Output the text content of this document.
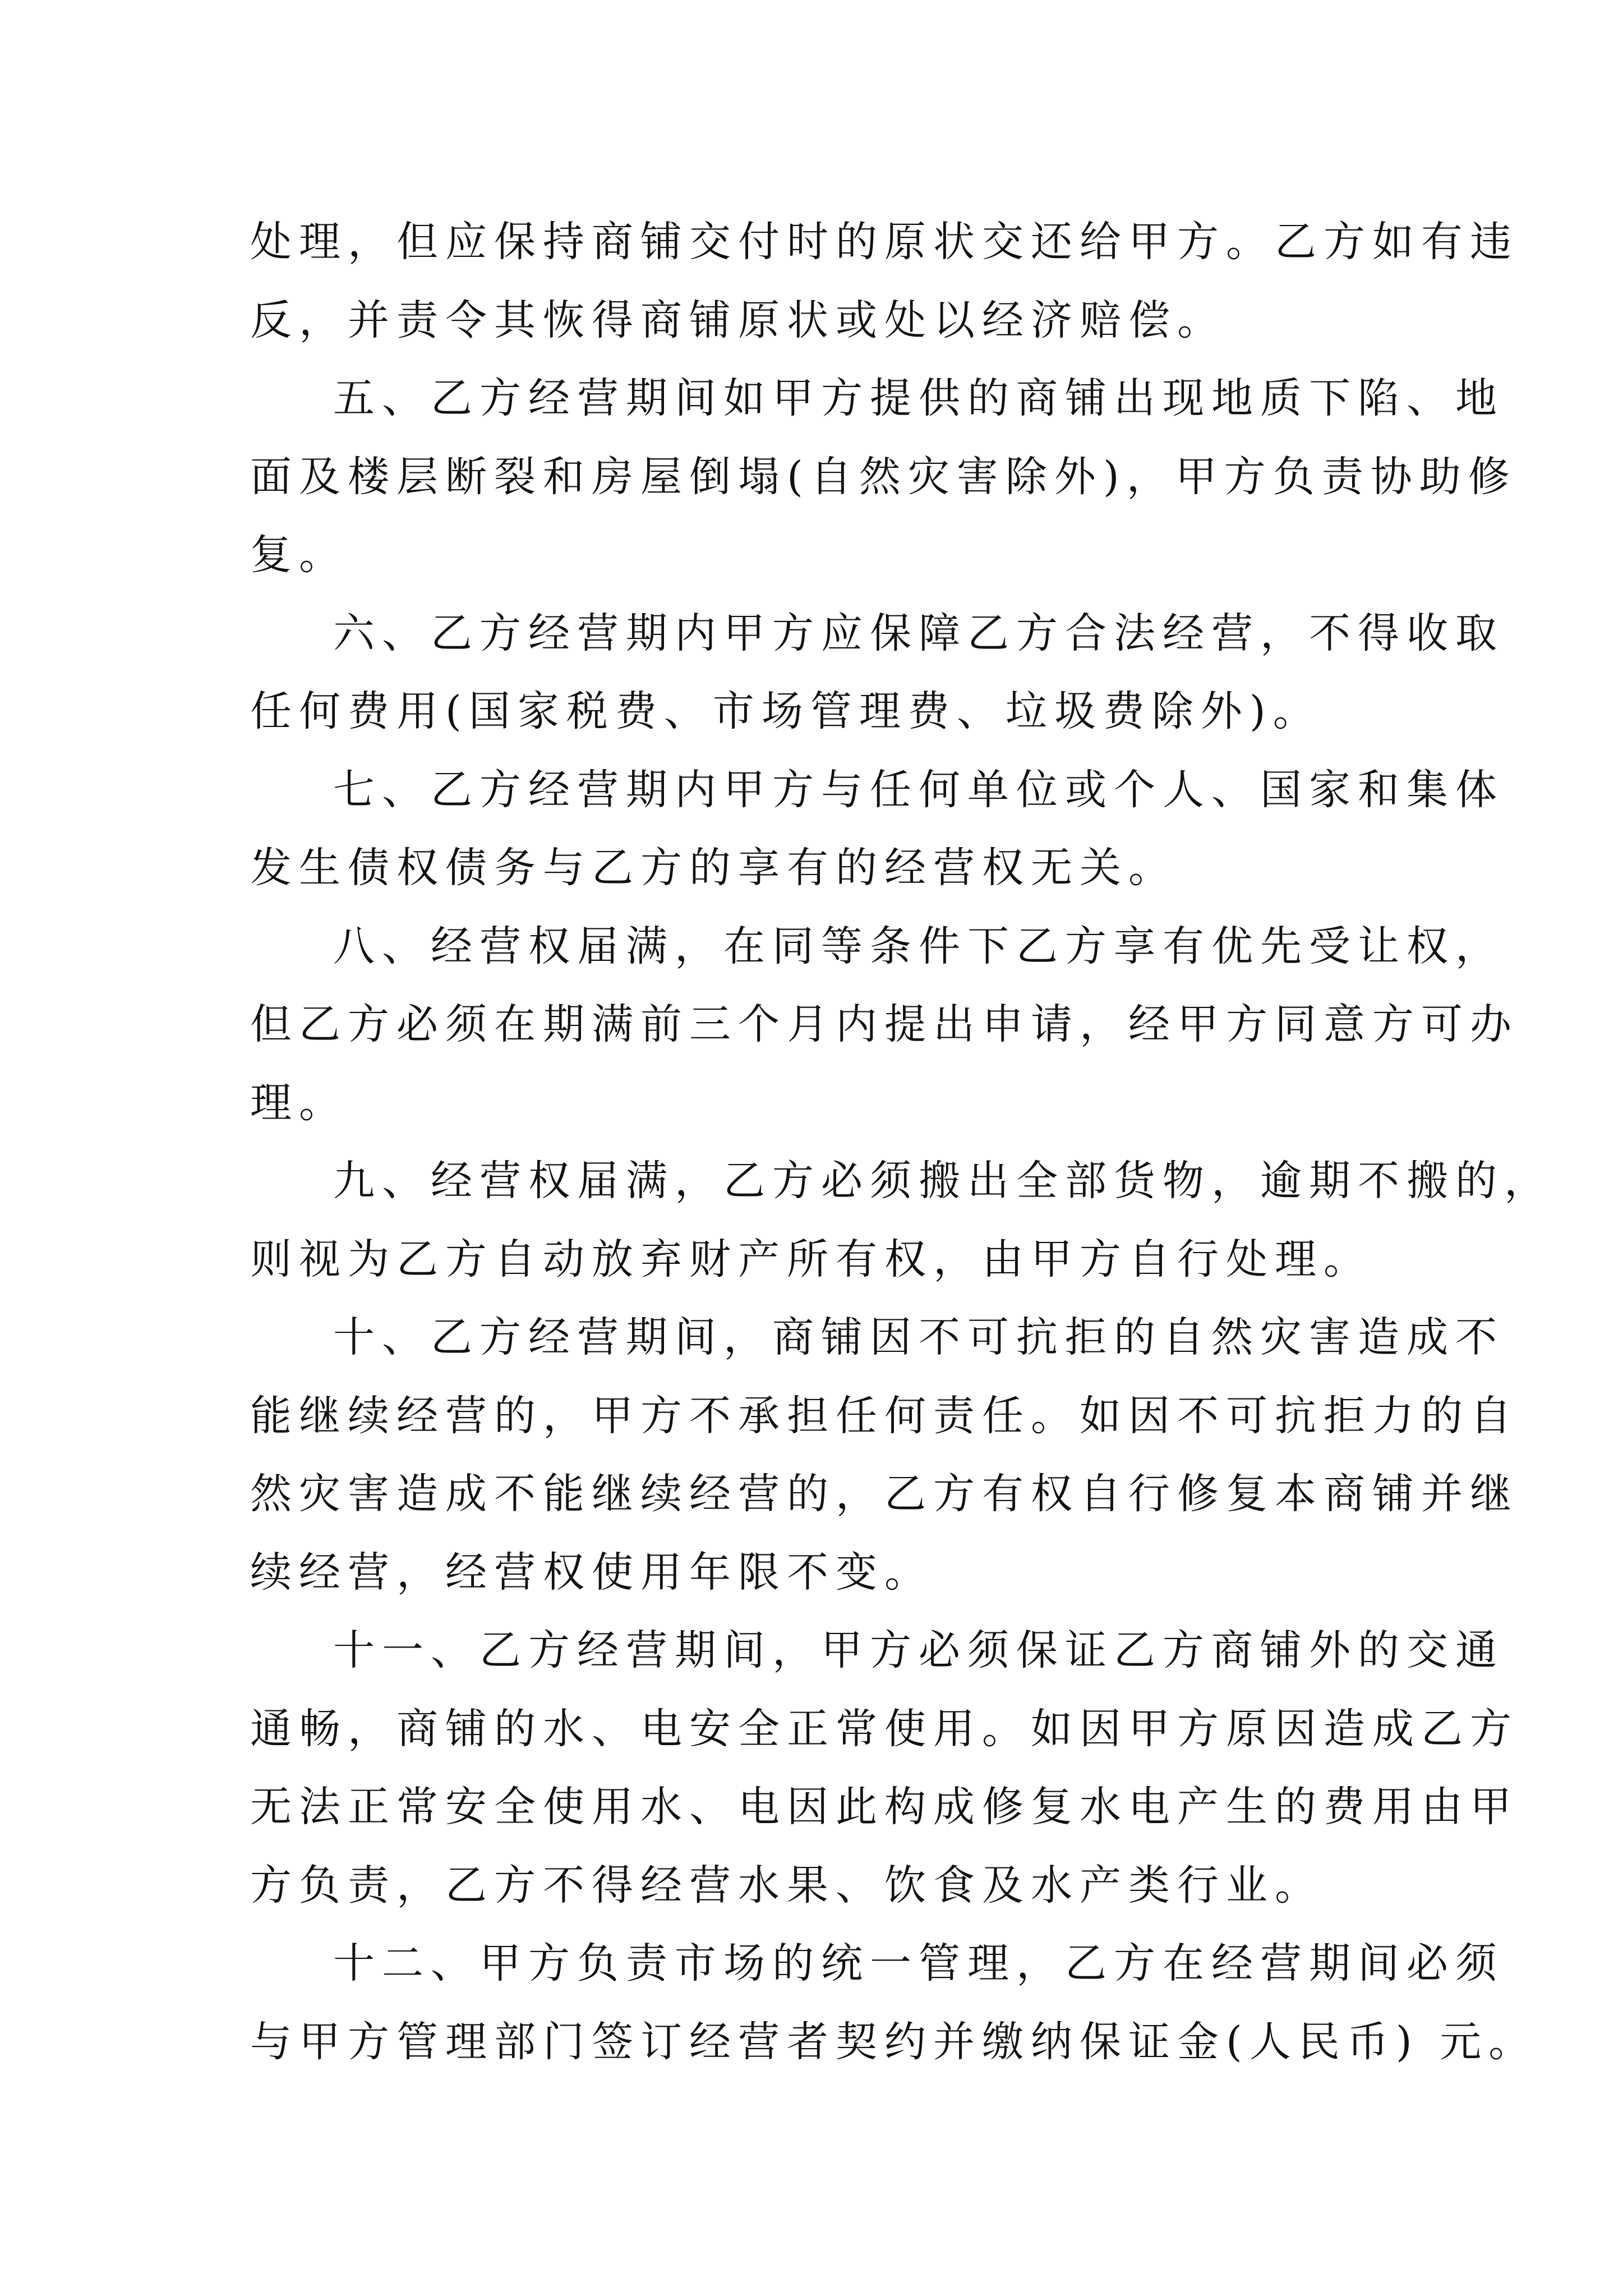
处理，但应保持商铺交付时的原状交还给甲方。乙方如有违
反，并责令其恢得商铺原状或处以经济赔偿。
五、乙方经营期间如甲方提供的商铺出现地质下陷、地
面及楼层断裂和房屋倒塌(自然灾害除外)，甲方负责协助修
复。
六、乙方经营期内甲方应保障乙方合法经营，不得收取
任何费用(国家税费、市场管理费、垃圾费除外)。
七、乙方经营期内甲方与任何单位或个人、国家和集体
发生债权债务与乙方的享有的经营权无关。
八、经营权届满，在同等条件下乙方享有优先受让权，
但乙方必须在期满前三个月内提出申请，经甲方同意方可办
理。
九、经营权届满，乙方必须搬出全部货物，逾期不搬的，
则视为乙方自动放弃财产所有权，由甲方自行处理。
十、乙方经营期间，商铺因不可抗拒的自然灾害造成不
能继续经营的，甲方不承担任何责任。如因不可抗拒力的自
然灾害造成不能继续经营的，乙方有权自行修复本商铺并继
续经营，经营权使用年限不变。
十一、乙方经营期间，甲方必须保证乙方商铺外的交通
通畅，商铺的水、电安全正常使用。如因甲方原因造成乙方
无法正常安全使用水、电因此构成修复水电产生的费用由甲
方负责，乙方不得经营水果、饮食及水产类行业。
十二、甲方负责市场的统一管理，乙方在经营期间必须
与甲方管理部门签订经营者契约并缴纳保证金(人民币) 元。
